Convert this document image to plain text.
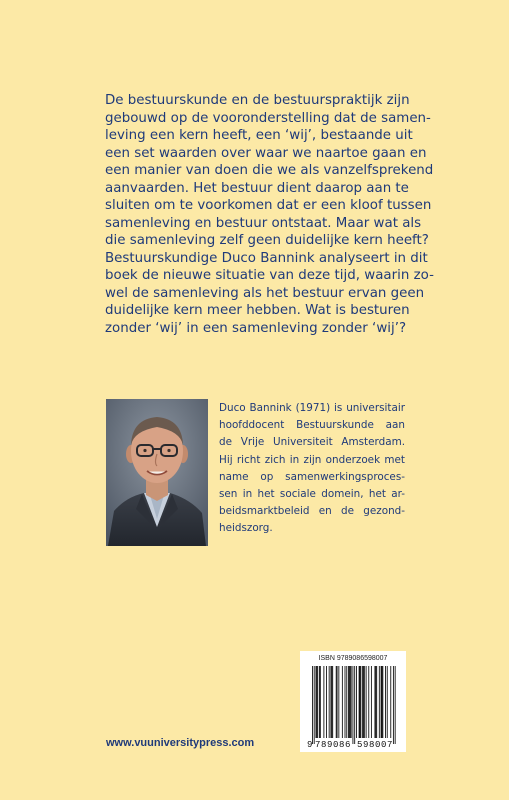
De bestuurskunde en de bestuurspraktijk zijn
gebouwd op de vooronderstelling dat de samen-
leving een kern heeft, een ‘wij’, bestaande uit
een set waarden over waar we naartoe gaan en
een manier van doen die we als vanzelfsprekend
aanvaarden. Het bestuur dient daarop aan te
sluiten om te voorkomen dat er een kloof tussen
samenleving en bestuur ontstaat. Maar wat als
die samenleving zelf geen duidelijke kern heeft?
Bestuurskundige Duco Bannink analyseert in dit
boek de nieuwe situatie van deze tijd, waarin zo-
wel de samenleving als het bestuur ervan geen
duidelijke kern meer hebben. Wat is besturen
zonder ‘wij’ in een samenleving zonder ‘wij’?
Duco Bannink (1971) is universitair
hoofddocent Bestuurskunde aan
de Vrije Universiteit Amsterdam.
Hij richt zich in zijn onderzoek met
name op samenwerkingsproces-
sen in het sociale domein, het ar-
beidsmarktbeleid en de gezond-
heidszorg.
www.vuuniversitypress.com	9 789086 598007
ISBN 9789086598007
